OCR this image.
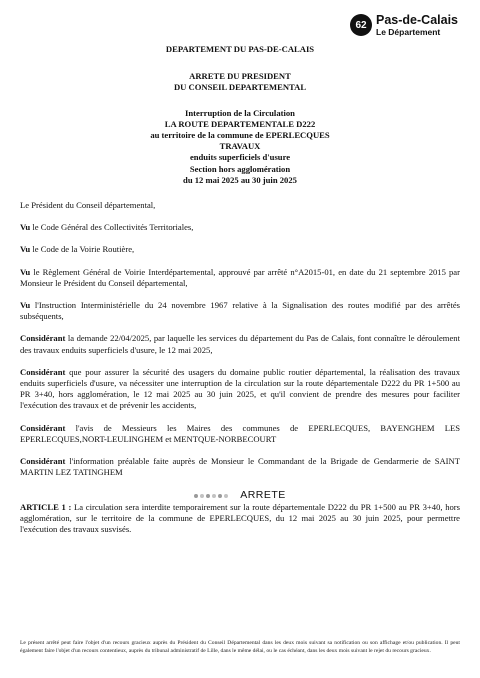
62 Pas-de-Calais
Le Département
DEPARTEMENT DU PAS-DE-CALAIS
ARRETE DU PRESIDENT
DU CONSEIL DEPARTEMENTAL
Interruption de la Circulation
LA ROUTE DEPARTEMENTALE D222
au territoire de la commune de EPERLECQUES
TRAVAUX
enduits superficiels d'usure
Section hors agglomération
du 12 mai 2025 au 30 juin 2025

Le Président du Conseil départemental,

Vu le Code Général des Collectivités Territoriales,

Vu le Code de la Voirie Routière,

Vu le Règlement Général de Voirie Interdépartemental, approuvé par arrêté n°A2015-01, en date du 21 septembre 2015 par Monsieur le Président du Conseil départemental,

Vu l'Instruction Interministérielle du 24 novembre 1967 relative à la Signalisation des routes modifié par des arrêtés subséquents,

Considérant la demande 22/04/2025, par laquelle les services du département du Pas de Calais, font connaître le déroulement des travaux enduits superficiels d'usure, le 12 mai 2025,

Considérant que pour assurer la sécurité des usagers du domaine public routier départemental, la réalisation des travaux enduits superficiels d'usure, va nécessiter une interruption de la circulation sur la route départementale D222 du PR 1+500 au PR 3+40, hors agglomération, le 12 mai 2025 au 30 juin 2025, et qu'il convient de prendre des mesures pour faciliter l'exécution des travaux et de prévenir les accidents,

Considérant l'avis de Messieurs les Maires des communes de EPERLECQUES, BAYENGHEM LES EPERLECQUES,NORT-LEULINGHEM et MENTQUE-NORBECOURT

Considérant l'information préalable faite auprès de Monsieur le Commandant de la Brigade de Gendarmerie de SAINT MARTIN LEZ TATINGHEM

ARRETE

ARTICLE 1 : La circulation sera interdite temporairement sur la route départementale D222 du PR 1+500 au PR 3+40, hors agglomération, sur le territoire de la commune de EPERLECQUES, du 12 mai 2025 au 30 juin 2025, pour permettre l'exécution des travaux susvisés.

Le présent arrêté peut faire l'objet d'un recours gracieux auprès du Président du Conseil Départemental dans les deux mois suivant sa notification ou son affichage et/ou publication. Il peut également faire l'objet d'un recours contentieux, auprès du tribunal administratif de Lille, dans le même délai, ou le cas échéant, dans les deux mois suivant le rejet du recours gracieux.
